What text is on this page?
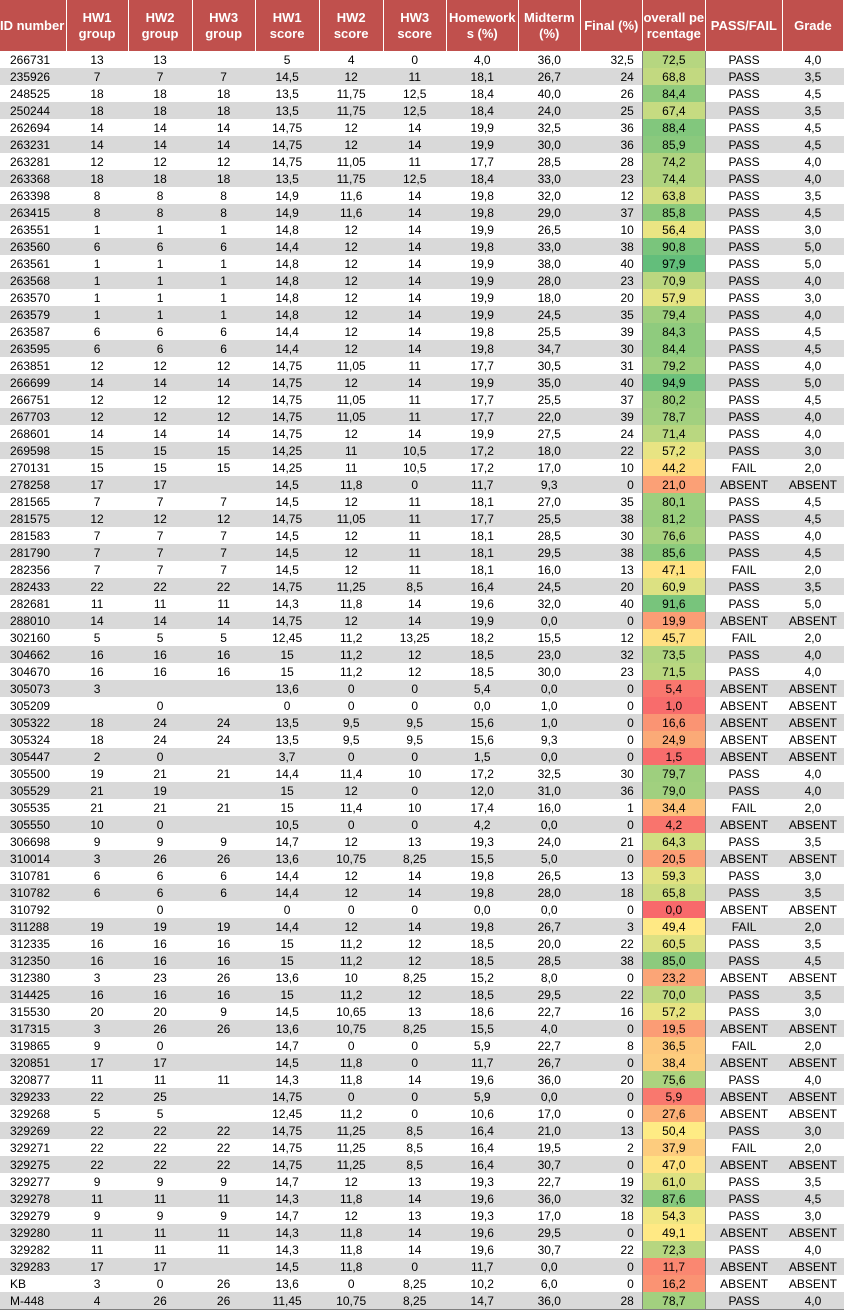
ID number	HW1 group	HW2 group	HW3 group	HW1 score	HW2 score	HW3 score	Homeworks (%)	Midterm (%)	Final (%)	overall percentage	PASS/FAIL	Grade
266731	13	13		5	4	0	4,0	36,0	32,5	72,5	PASS	4,0
235926	7	7	7	14,5	12	11	18,1	26,7	24	68,8	PASS	3,5
248525	18	18	18	13,5	11,75	12,5	18,4	40,0	26	84,4	PASS	4,5
250244	18	18	18	13,5	11,75	12,5	18,4	24,0	25	67,4	PASS	3,5
262694	14	14	14	14,75	12	14	19,9	32,5	36	88,4	PASS	4,5
263231	14	14	14	14,75	12	14	19,9	30,0	36	85,9	PASS	4,5
263281	12	12	12	14,75	11,05	11	17,7	28,5	28	74,2	PASS	4,0
263368	18	18	18	13,5	11,75	12,5	18,4	33,0	23	74,4	PASS	4,0
263398	8	8	8	14,9	11,6	14	19,8	32,0	12	63,8	PASS	3,5
263415	8	8	8	14,9	11,6	14	19,8	29,0	37	85,8	PASS	4,5
263551	1	1	1	14,8	12	14	19,9	26,5	10	56,4	PASS	3,0
263560	6	6	6	14,4	12	14	19,8	33,0	38	90,8	PASS	5,0
263561	1	1	1	14,8	12	14	19,9	38,0	40	97,9	PASS	5,0
263568	1	1	1	14,8	12	14	19,9	28,0	23	70,9	PASS	4,0
263570	1	1	1	14,8	12	14	19,9	18,0	20	57,9	PASS	3,0
263579	1	1	1	14,8	12	14	19,9	24,5	35	79,4	PASS	4,0
263587	6	6	6	14,4	12	14	19,8	25,5	39	84,3	PASS	4,5
263595	6	6	6	14,4	12	14	19,8	34,7	30	84,4	PASS	4,5
263851	12	12	12	14,75	11,05	11	17,7	30,5	31	79,2	PASS	4,0
266699	14	14	14	14,75	12	14	19,9	35,0	40	94,9	PASS	5,0
266751	12	12	12	14,75	11,05	11	17,7	25,5	37	80,2	PASS	4,5
267703	12	12	12	14,75	11,05	11	17,7	22,0	39	78,7	PASS	4,0
268601	14	14	14	14,75	12	14	19,9	27,5	24	71,4	PASS	4,0
269598	15	15	15	14,25	11	10,5	17,2	18,0	22	57,2	PASS	3,0
270131	15	15	15	14,25	11	10,5	17,2	17,0	10	44,2	FAIL	2,0
278258	17	17		14,5	11,8	0	11,7	9,3	0	21,0	ABSENT	ABSENT
281565	7	7	7	14,5	12	11	18,1	27,0	35	80,1	PASS	4,5
281575	12	12	12	14,75	11,05	11	17,7	25,5	38	81,2	PASS	4,5
281583	7	7	7	14,5	12	11	18,1	28,5	30	76,6	PASS	4,0
281790	7	7	7	14,5	12	11	18,1	29,5	38	85,6	PASS	4,5
282356	7	7	7	14,5	12	11	18,1	16,0	13	47,1	FAIL	2,0
282433	22	22	22	14,75	11,25	8,5	16,4	24,5	20	60,9	PASS	3,5
282681	11	11	11	14,3	11,8	14	19,6	32,0	40	91,6	PASS	5,0
288010	14	14	14	14,75	12	14	19,9	0,0	0	19,9	ABSENT	ABSENT
302160	5	5	5	12,45	11,2	13,25	18,2	15,5	12	45,7	FAIL	2,0
304662	16	16	16	15	11,2	12	18,5	23,0	32	73,5	PASS	4,0
304670	16	16	16	15	11,2	12	18,5	30,0	23	71,5	PASS	4,0
305073	3			13,6	0	0	5,4	0,0	0	5,4	ABSENT	ABSENT
305209		0		0	0	0	0,0	1,0	0	1,0	ABSENT	ABSENT
305322	18	24	24	13,5	9,5	9,5	15,6	1,0	0	16,6	ABSENT	ABSENT
305324	18	24	24	13,5	9,5	9,5	15,6	9,3	0	24,9	ABSENT	ABSENT
305447	2	0		3,7	0	0	1,5	0,0	0	1,5	ABSENT	ABSENT
305500	19	21	21	14,4	11,4	10	17,2	32,5	30	79,7	PASS	4,0
305529	21	19		15	12	0	12,0	31,0	36	79,0	PASS	4,0
305535	21	21	21	15	11,4	10	17,4	16,0	1	34,4	FAIL	2,0
305550	10	0		10,5	0	0	4,2	0,0	0	4,2	ABSENT	ABSENT
306698	9	9	9	14,7	12	13	19,3	24,0	21	64,3	PASS	3,5
310014	3	26	26	13,6	10,75	8,25	15,5	5,0	0	20,5	ABSENT	ABSENT
310781	6	6	6	14,4	12	14	19,8	26,5	13	59,3	PASS	3,0
310782	6	6	6	14,4	12	14	19,8	28,0	18	65,8	PASS	3,5
310792		0		0	0	0	0,0	0,0	0	0,0	ABSENT	ABSENT
311288	19	19	19	14,4	12	14	19,8	26,7	3	49,4	FAIL	2,0
312335	16	16	16	15	11,2	12	18,5	20,0	22	60,5	PASS	3,5
312350	16	16	16	15	11,2	12	18,5	28,5	38	85,0	PASS	4,5
312380	3	23	26	13,6	10	8,25	15,2	8,0	0	23,2	ABSENT	ABSENT
314425	16	16	16	15	11,2	12	18,5	29,5	22	70,0	PASS	3,5
315530	20	20	9	14,5	10,65	13	18,6	22,7	16	57,2	PASS	3,0
317315	3	26	26	13,6	10,75	8,25	15,5	4,0	0	19,5	ABSENT	ABSENT
319865	9	0		14,7	0	0	5,9	22,7	8	36,5	FAIL	2,0
320851	17	17		14,5	11,8	0	11,7	26,7	0	38,4	ABSENT	ABSENT
320877	11	11	11	14,3	11,8	14	19,6	36,0	20	75,6	PASS	4,0
329233	22	25		14,75	0	0	5,9	0,0	0	5,9	ABSENT	ABSENT
329268	5	5		12,45	11,2	0	10,6	17,0	0	27,6	ABSENT	ABSENT
329269	22	22	22	14,75	11,25	8,5	16,4	21,0	13	50,4	PASS	3,0
329271	22	22	22	14,75	11,25	8,5	16,4	19,5	2	37,9	FAIL	2,0
329275	22	22	22	14,75	11,25	8,5	16,4	30,7	0	47,0	ABSENT	ABSENT
329277	9	9	9	14,7	12	13	19,3	22,7	19	61,0	PASS	3,5
329278	11	11	11	14,3	11,8	14	19,6	36,0	32	87,6	PASS	4,5
329279	9	9	9	14,7	12	13	19,3	17,0	18	54,3	PASS	3,0
329280	11	11	11	14,3	11,8	14	19,6	29,5	0	49,1	ABSENT	ABSENT
329282	11	11	11	14,3	11,8	14	19,6	30,7	22	72,3	PASS	4,0
329283	17	17		14,5	11,8	0	11,7	0,0	0	11,7	ABSENT	ABSENT
KB	3	0	26	13,6	0	8,25	10,2	6,0	0	16,2	ABSENT	ABSENT
M-448	4	26	26	11,45	10,75	8,25	14,7	36,0	28	78,7	PASS	4,0
